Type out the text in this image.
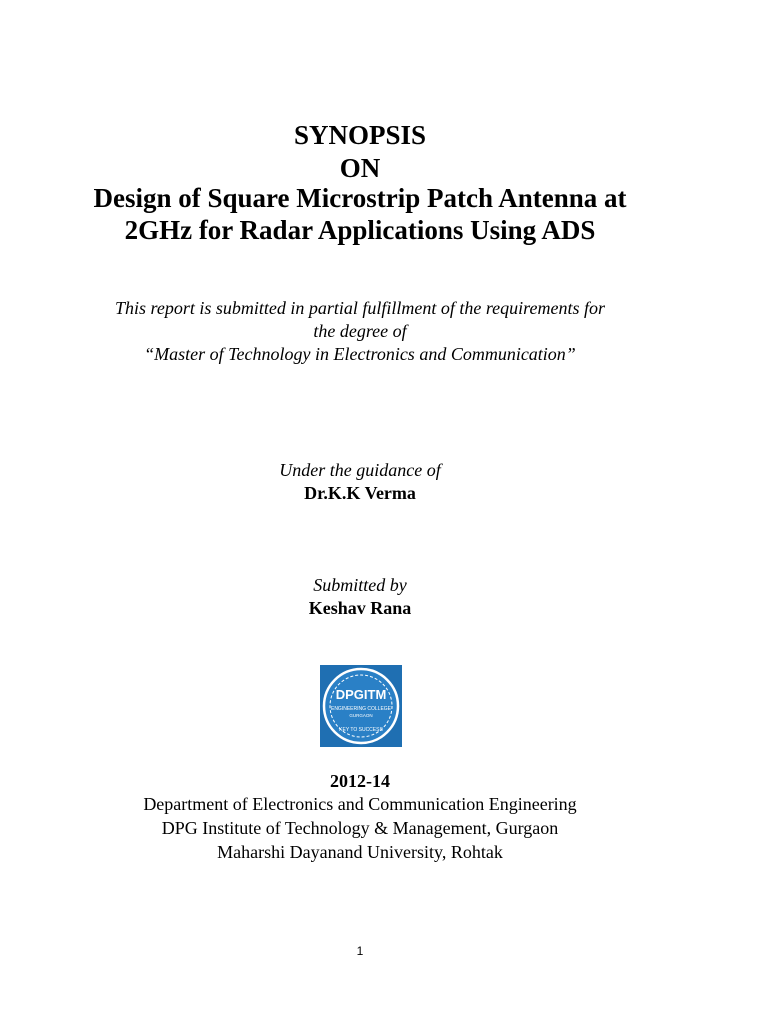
SYNOPSIS
ON
Design of Square Microstrip Patch Antenna at
2GHz for Radar Applications Using ADS
This report is submitted in partial fulfillment of the requirements for
the degree of
“Master of Technology in Electronics and Communication”
Under the guidance of
Dr.K.K Verma
Submitted by
Keshav Rana
DPGITM
ENGINEERING COLLEGE
GURGAON
KEY TO SUCCESS
2012-14
Department of Electronics and Communication Engineering
DPG Institute of Technology & Management, Gurgaon
Maharshi Dayanand University, Rohtak
1
